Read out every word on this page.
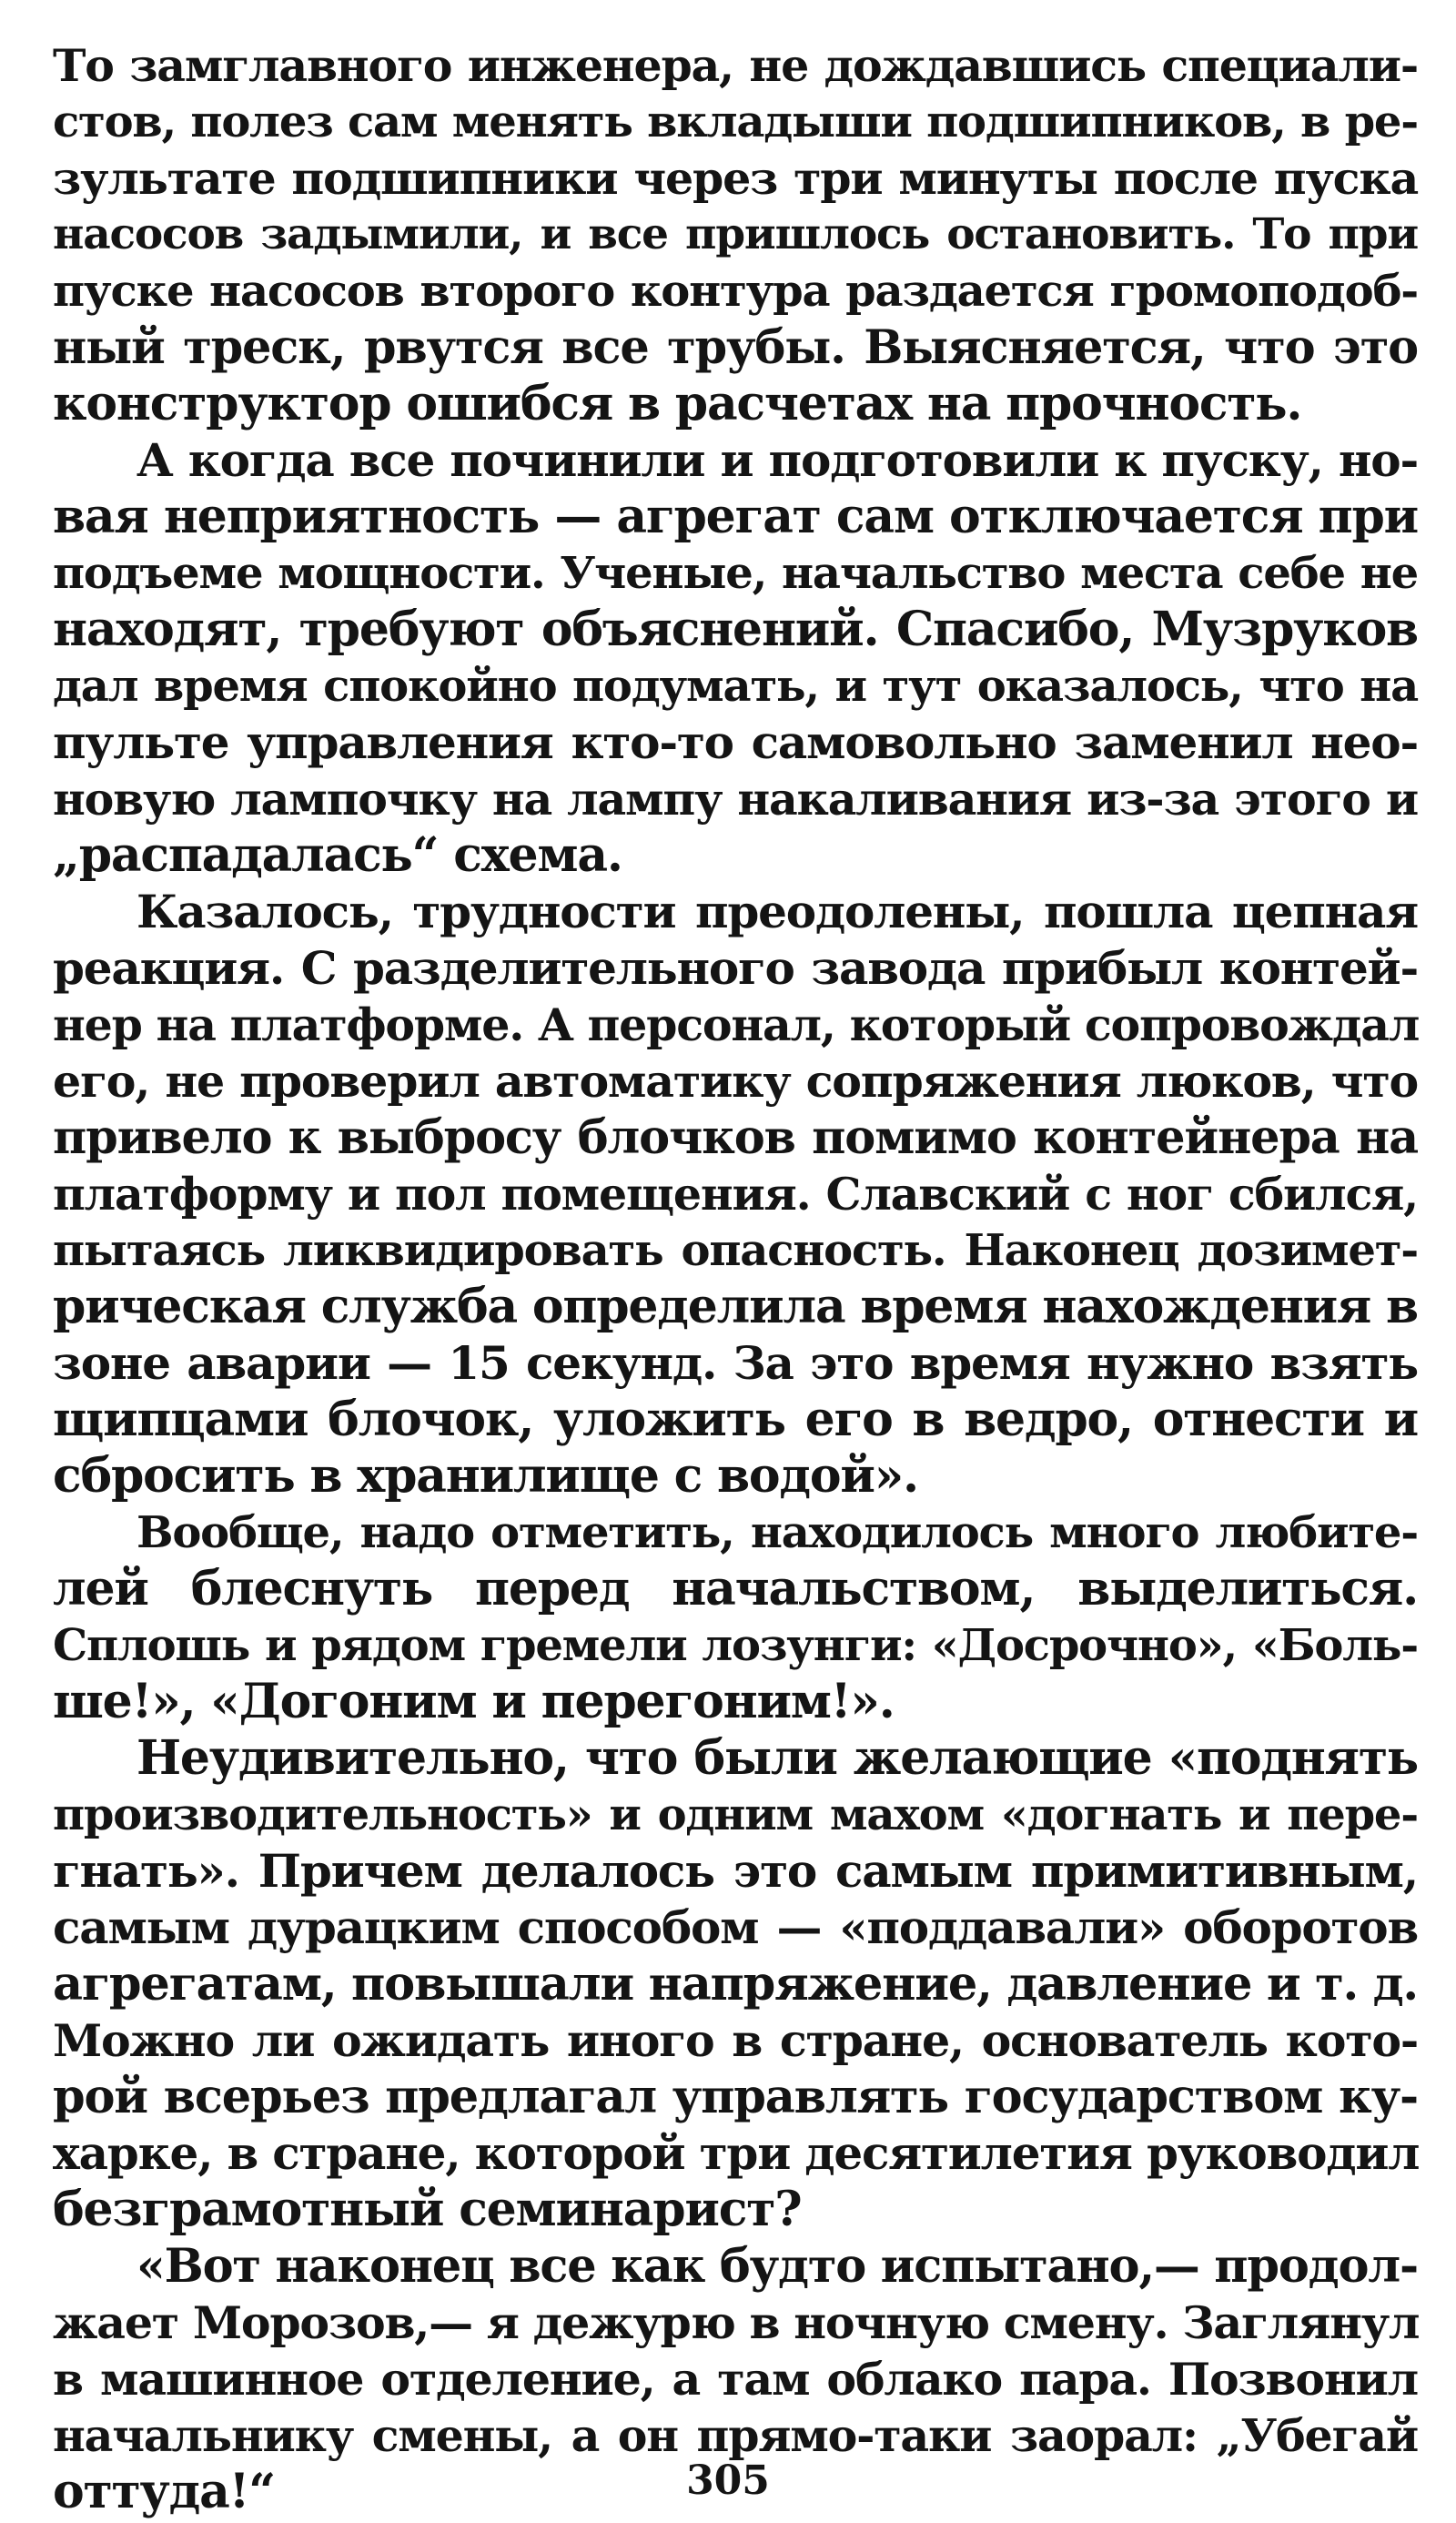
То замглавного инженера, не дождавшись специали-
стов, полез сам менять вкладыши подшипников, в ре-
зультате подшипники через три минуты после пуска
насосов задымили, и все пришлось остановить. То при
пуске насосов второго контура раздается громоподоб-
ный треск, рвутся все трубы. Выясняется, что это
конструктор ошибся в расчетах на прочность.
А когда все починили и подготовили к пуску, но-
вая неприятность — агрегат сам отключается при
подъеме мощности. Ученые, начальство места себе не
находят, требуют объяснений. Спасибо, Музруков
дал время спокойно подумать, и тут оказалось, что на
пульте управления кто-то самовольно заменил нео-
новую лампочку на лампу накаливания из-за этого и
„распадалась“ схема.
Казалось, трудности преодолены, пошла цепная
реакция. С разделительного завода прибыл контей-
нер на платформе. А персонал, который сопровождал
его, не проверил автоматику сопряжения люков, что
привело к выбросу блочков помимо контейнера на
платформу и пол помещения. Славский с ног сбился,
пытаясь ликвидировать опасность. Наконец дозимет-
рическая служба определила время нахождения в
зоне аварии — 15 секунд. За это время нужно взять
щипцами блочок, уложить его в ведро, отнести и
сбросить в хранилище с водой».
Вообще, надо отметить, находилось много любите-
лей блеснуть перед начальством, выделиться.
Сплошь и рядом гремели лозунги: «Досрочно», «Боль-
ше!», «Догоним и перегоним!».
Неудивительно, что были желающие «поднять
производительность» и одним махом «догнать и пере-
гнать». Причем делалось это самым примитивным,
самым дурацким способом — «поддавали» оборотов
агрегатам, повышали напряжение, давление и т. д.
Можно ли ожидать иного в стране, основатель кото-
рой всерьез предлагал управлять государством ку-
харке, в стране, которой три десятилетия руководил
безграмотный семинарист?
«Вот наконец все как будто испытано,— продол-
жает Морозов,— я дежурю в ночную смену. Заглянул
в машинное отделение, а там облако пара. Позвонил
начальнику смены, а он прямо-таки заорал: „Убегай
оттуда!“	305
